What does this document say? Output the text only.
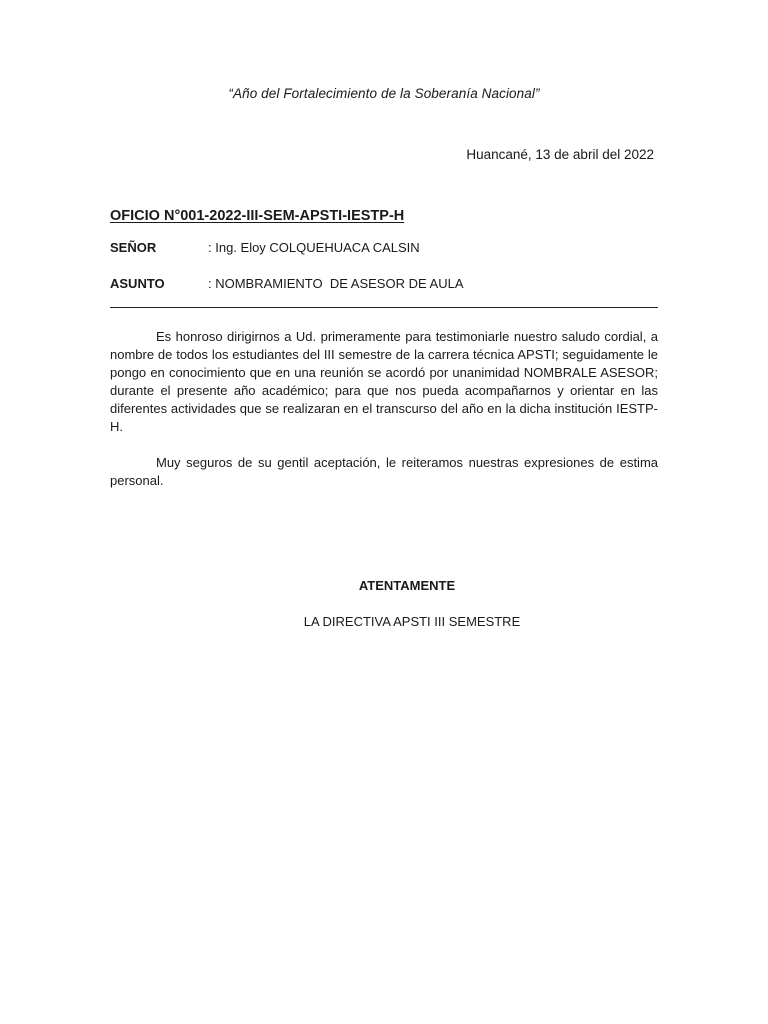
“Año del Fortalecimiento de la Soberanía Nacional”
Huancané, 13 de abril del 2022
OFICIO N°001-2022-III-SEM-APSTI-IESTP-H
SEÑOR	: Ing. Eloy COLQUEHUACA CALSIN
ASUNTO	: NOMBRAMIENTO  DE ASESOR DE AULA

Es honroso dirigirnos a Ud. primeramente para testimoniarle nuestro saludo cordial, a nombre de todos los estudiantes del III semestre de la carrera técnica APSTI; seguidamente le pongo en conocimiento que en una reunión se acordó por unanimidad NOMBRALE ASESOR; durante el presente año académico; para que nos pueda acompañarnos y orientar en las diferentes actividades que se realizaran en el transcurso del año en la dicha institución IESTP-H.

Muy seguros de su gentil aceptación, le reiteramos nuestras expresiones de estima personal.

ATENTAMENTE
LA DIRECTIVA APSTI III SEMESTRE
